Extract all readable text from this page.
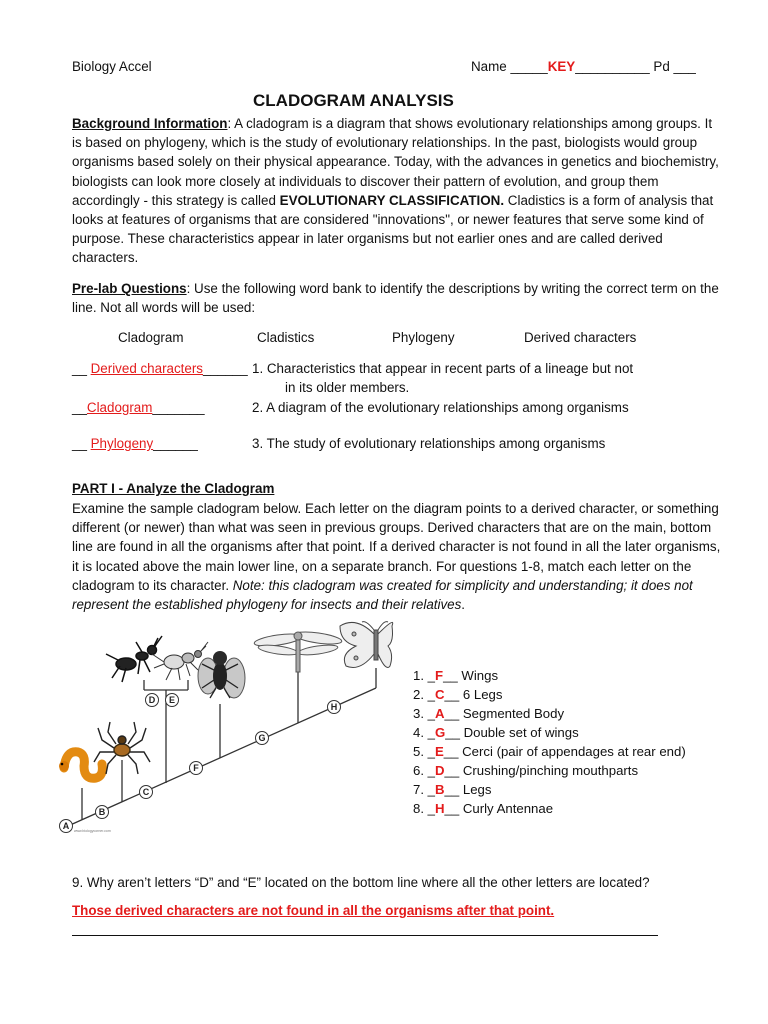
Biology Accel	Name _____KEY__________ Pd ___
CLADOGRAM ANALYSIS
Background Information: A cladogram is a diagram that shows evolutionary relationships among groups. It is based on phylogeny, which is the study of evolutionary relationships. In the past, biologists would group organisms based solely on their physical appearance. Today, with the advances in genetics and biochemistry, biologists can look more closely at individuals to discover their pattern of evolution, and group them accordingly - this strategy is called EVOLUTIONARY CLASSIFICATION. Cladistics is a form of analysis that looks at features of organisms that are considered "innovations", or newer features that serve some kind of purpose. These characteristics appear in later organisms but not earlier ones and are called derived characters.
Pre-lab Questions: Use the following word bank to identify the descriptions by writing the correct term on the line. Not all words will be used:
Cladogram	Cladistics	Phylogeny	Derived characters
__ Derived characters______ 1. Characteristics that appear in recent parts of a lineage but not
in its older members.
__Cladogram_______	2. A diagram of the evolutionary relationships among organisms
__ Phylogeny______	3. The study of evolutionary relationships among organisms
PART I - Analyze the Cladogram
Examine the sample cladogram below. Each letter on the diagram points to a derived character, or something different (or newer) than what was seen in previous groups. Derived characters that are on the main, bottom line are found in all the organisms after that point. If a derived character is not found in all the later organisms, it is located above the main lower line, on a separate branch. For questions 1-8, match each letter on the cladogram to its character. Note: this cladogram was created for simplicity and understanding; it does not represent the established phylogeny for insects and their relatives.
A
B
C
D E
F
G
H
www.biologycorner.com
1. _F__ Wings
2. _C__ 6 Legs
3. _A__ Segmented Body
4. _G__ Double set of wings
5. _E__ Cerci (pair of appendages at rear end)
6. _D__ Crushing/pinching mouthparts
7. _B__ Legs
8. _H__ Curly Antennae
9. Why aren’t letters “D” and “E” located on the bottom line where all the other letters are located?
Those derived characters are not found in all the organisms after that point.
